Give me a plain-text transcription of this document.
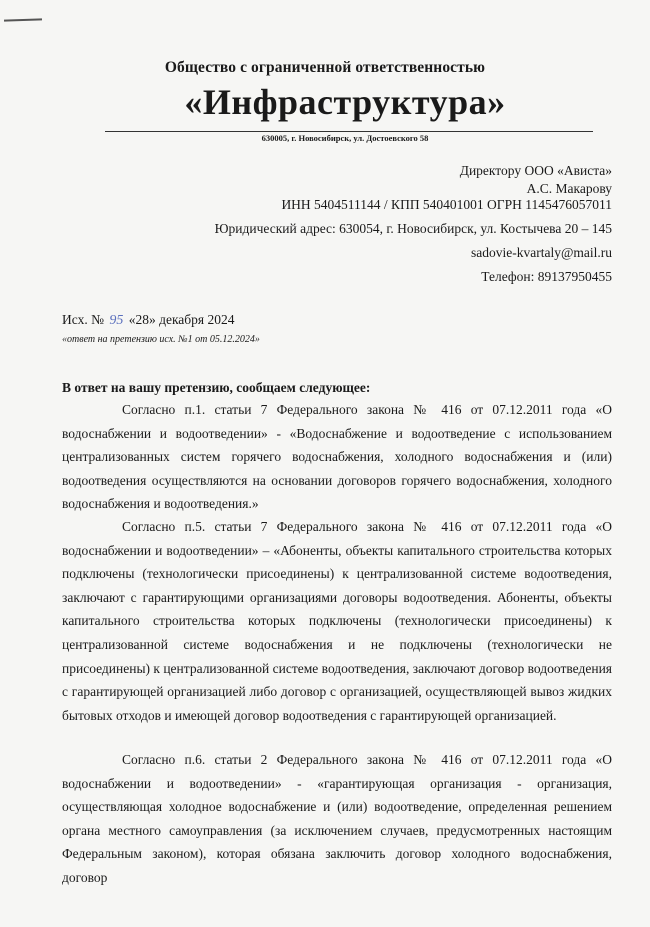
Общество с ограниченной ответственностью
«Инфраструктура»
630005, г. Новосибирск, ул. Достоевского 58
Директору ООО «Ависта»
А.С. Макарову
ИНН 5404511144 / КПП 540401001 ОГРН 1145476057011
Юридический адрес: 630054, г. Новосибирск, ул. Костычева 20 – 145
sadovie-kvartaly@mail.ru
Телефон: 89137950455
Исх. № 95 «28» декабря 2024
«ответ на претензию исх. №1 от 05.12.2024»
В ответ на вашу претензию, сообщаем следующее:

Согласно п.1. статьи 7 Федерального закона № 416 от 07.12.2011 года «О водоснабжении и водоотведении» - «Водоснабжение и водоотведение с использованием централизованных систем горячего водоснабжения, холодного водоснабжения и (или) водоотведения осуществляются на основании договоров горячего водоснабжения, холодного водоснабжения и водоотведения.»

Согласно п.5. статьи 7 Федерального закона № 416 от 07.12.2011 года «О водоснабжении и водоотведении» – «Абоненты, объекты капитального строительства которых подключены (технологически присоединены) к централизованной системе водоотведения, заключают с гарантирующими организациями договоры водоотведения. Абоненты, объекты капитального строительства которых подключены (технологически присоединены) к централизованной системе водоснабжения и не подключены (технологически не присоединены) к централизованной системе водоотведения, заключают договор водоотведения с гарантирующей организацией либо договор с организацией, осуществляющей вывоз жидких бытовых отходов и имеющей договор водоотведения с гарантирующей организацией.

Согласно п.6. статьи 2 Федерального закона № 416 от 07.12.2011 года «О водоснабжении и водоотведении» - «гарантирующая организация - организация, осуществляющая холодное водоснабжение и (или) водоотведение, определенная решением органа местного самоуправления (за исключением случаев, предусмотренных настоящим Федеральным законом), которая обязана заключить договор холодного водоснабжения, договор
